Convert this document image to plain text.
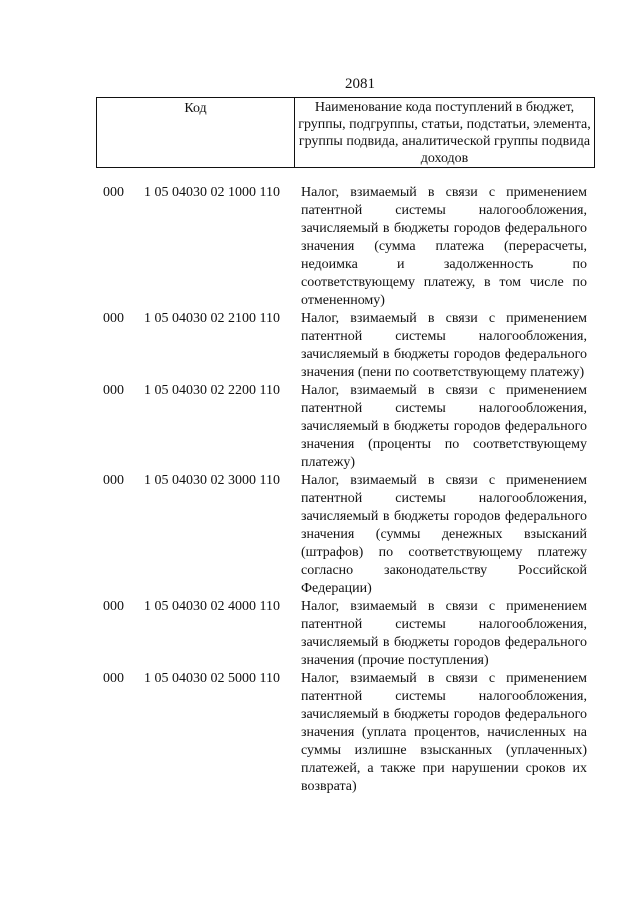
2081
Код	Наименование кода поступлений в бюджет, группы, подгруппы, статьи, подстатьи, элемента, группы подвида, аналитической группы подвида доходов
000 1 05 04030 02 1000 110 Налог, взимаемый в связи с применением патентной системы налогообложения, зачисляемый в бюджеты городов федерального значения (сумма платежа (перерасчеты, недоимка и задолженность по соответствующему платежу, в том числе по отмененному)
000 1 05 04030 02 2100 110 Налог, взимаемый в связи с применением патентной системы налогообложения, зачисляемый в бюджеты городов федерального значения (пени по соответствующему платежу)
000 1 05 04030 02 2200 110 Налог, взимаемый в связи с применением патентной системы налогообложения, зачисляемый в бюджеты городов федерального значения (проценты по соответствующему платежу)
000 1 05 04030 02 3000 110 Налог, взимаемый в связи с применением патентной системы налогообложения, зачисляемый в бюджеты городов федерального значения (суммы денежных взысканий (штрафов) по соответствующему платежу согласно законодательству Российской Федерации)
000 1 05 04030 02 4000 110 Налог, взимаемый в связи с применением патентной системы налогообложения, зачисляемый в бюджеты городов федерального значения (прочие поступления)
000 1 05 04030 02 5000 110 Налог, взимаемый в связи с применением патентной системы налогообложения, зачисляемый в бюджеты городов федерального значения (уплата процентов, начисленных на суммы излишне взысканных (уплаченных) платежей, а также при нарушении сроков их возврата)
